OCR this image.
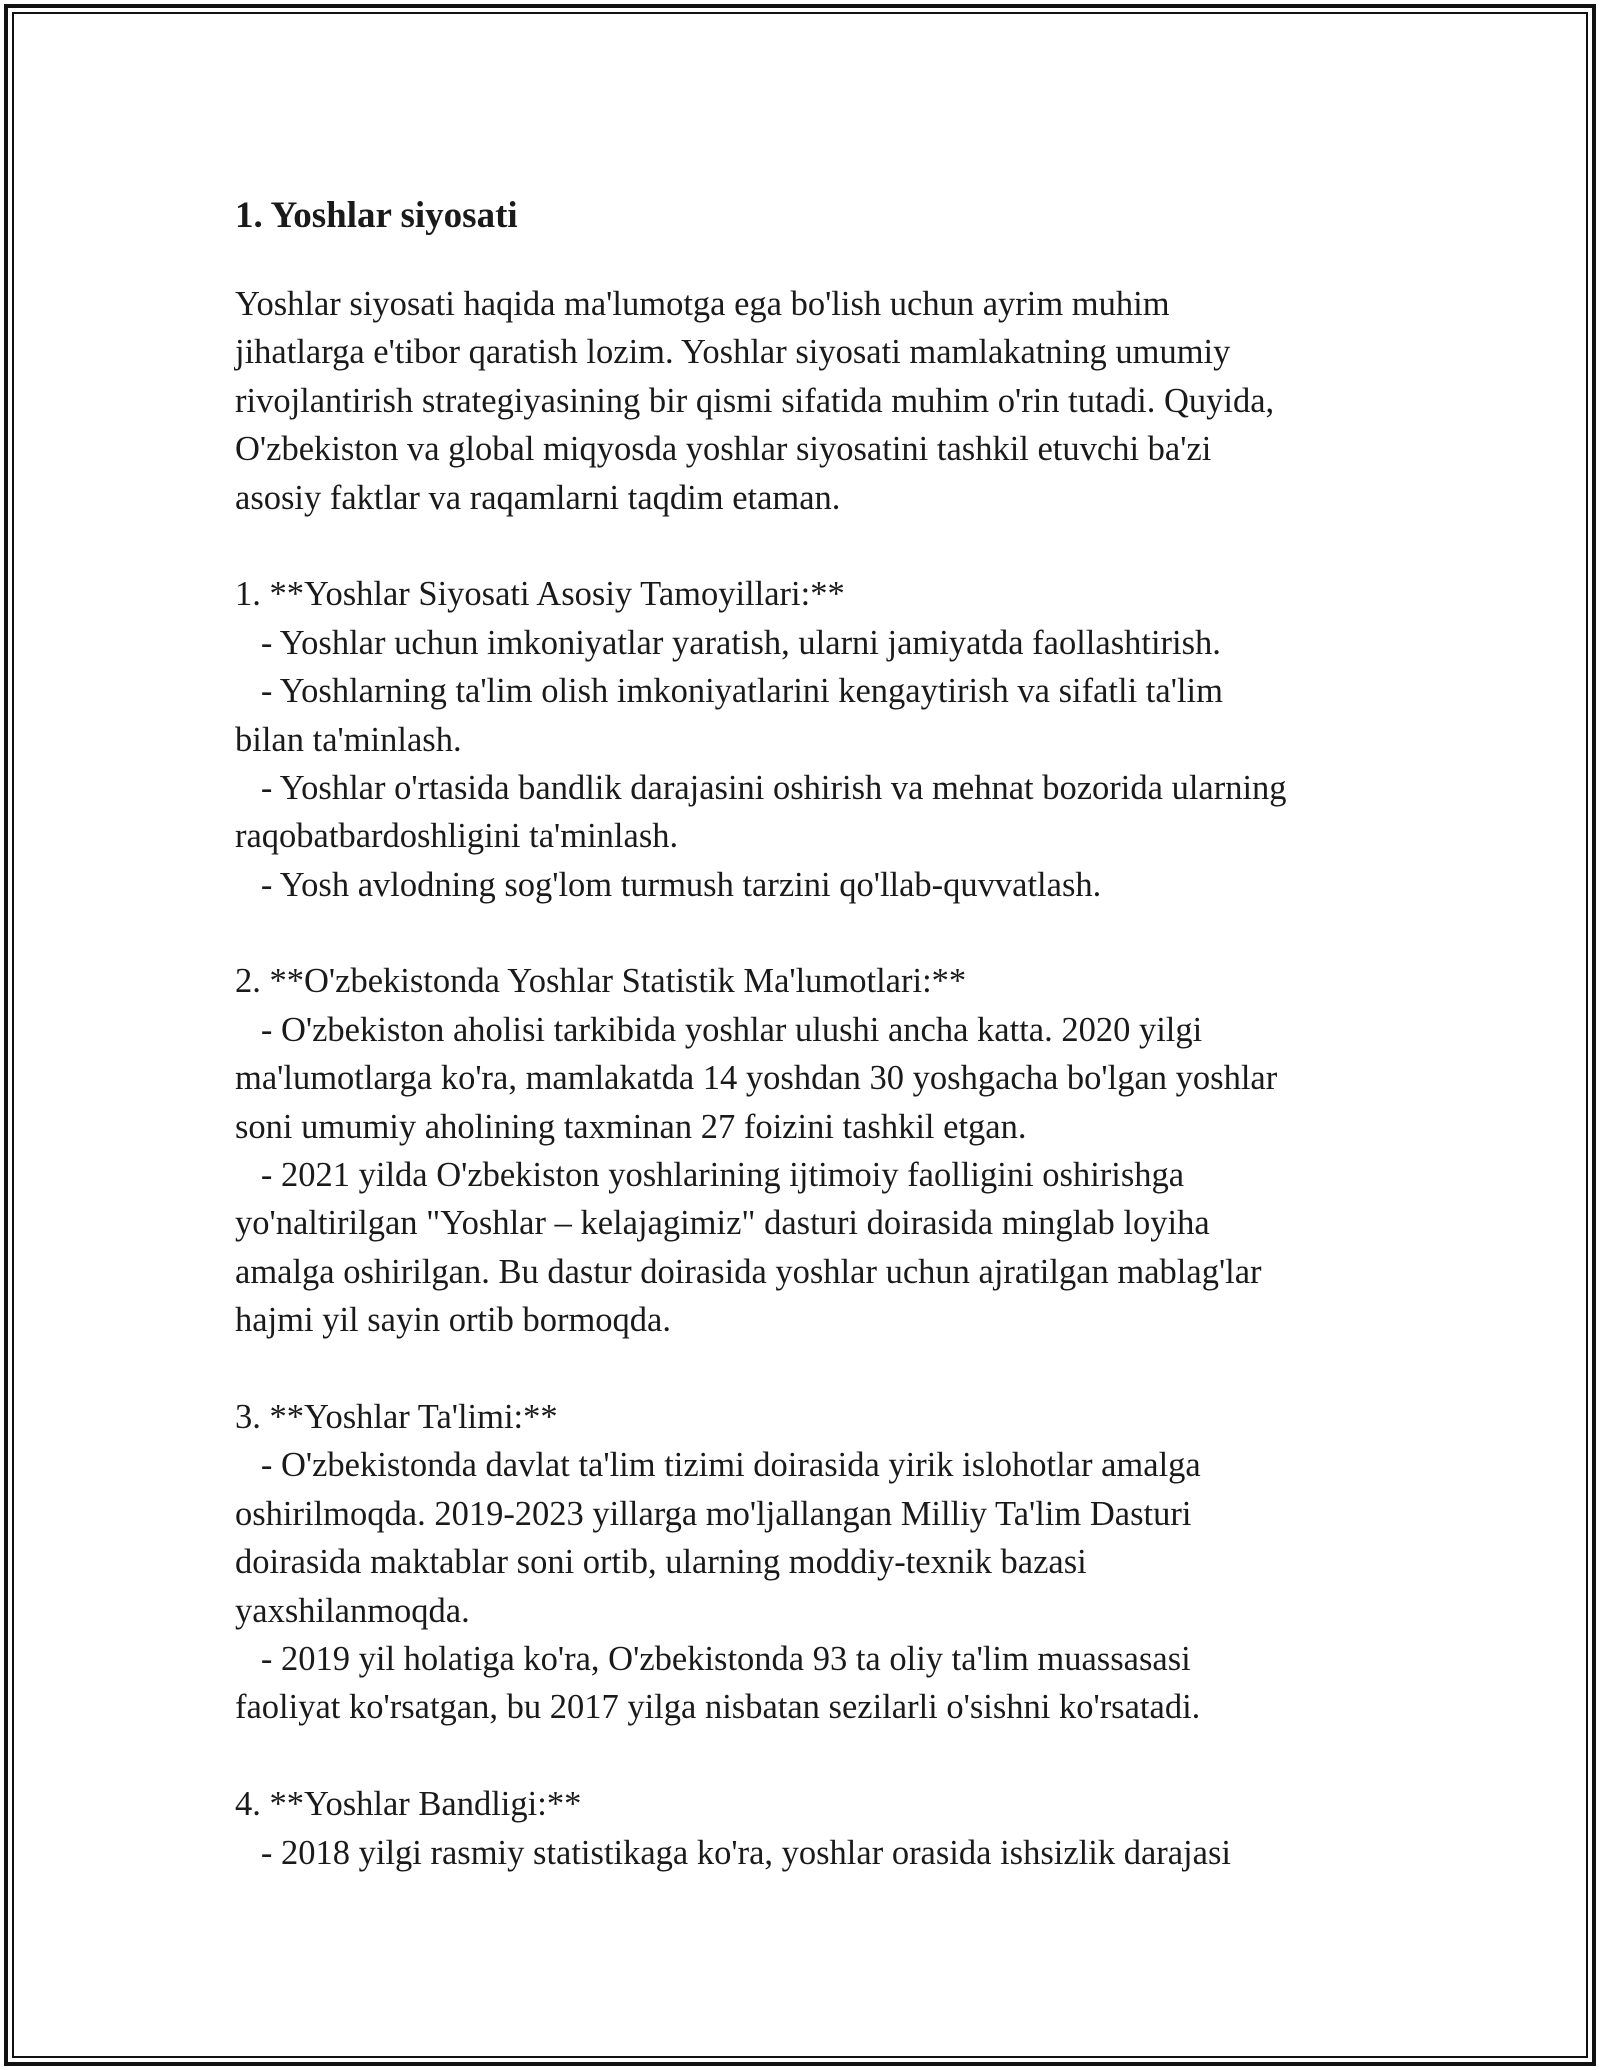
1. Yoshlar siyosati
Yoshlar siyosati haqida ma'lumotga ega bo'lish uchun ayrim muhim
jihatlarga e'tibor qaratish lozim. Yoshlar siyosati mamlakatning umumiy
rivojlantirish strategiyasining bir qismi sifatida muhim o'rin tutadi. Quyida,
O'zbekiston va global miqyosda yoshlar siyosatini tashkil etuvchi ba'zi
asosiy faktlar va raqamlarni taqdim etaman.
1. **Yoshlar Siyosati Asosiy Tamoyillari:**
- Yoshlar uchun imkoniyatlar yaratish, ularni jamiyatda faollashtirish.
- Yoshlarning ta'lim olish imkoniyatlarini kengaytirish va sifatli ta'lim
bilan ta'minlash.
- Yoshlar o'rtasida bandlik darajasini oshirish va mehnat bozorida ularning
raqobatbardoshligini ta'minlash.
- Yosh avlodning sog'lom turmush tarzini qo'llab-quvvatlash.
2. **O'zbekistonda Yoshlar Statistik Ma'lumotlari:**
- O'zbekiston aholisi tarkibida yoshlar ulushi ancha katta. 2020 yilgi
ma'lumotlarga ko'ra, mamlakatda 14 yoshdan 30 yoshgacha bo'lgan yoshlar
soni umumiy aholining taxminan 27 foizini tashkil etgan.
- 2021 yilda O'zbekiston yoshlarining ijtimoiy faolligini oshirishga
yo'naltirilgan "Yoshlar – kelajagimiz" dasturi doirasida minglab loyiha
amalga oshirilgan. Bu dastur doirasida yoshlar uchun ajratilgan mablag'lar
hajmi yil sayin ortib bormoqda.
3. **Yoshlar Ta'limi:**
- O'zbekistonda davlat ta'lim tizimi doirasida yirik islohotlar amalga
oshirilmoqda. 2019-2023 yillarga mo'ljallangan Milliy Ta'lim Dasturi
doirasida maktablar soni ortib, ularning moddiy-texnik bazasi
yaxshilanmoqda.
- 2019 yil holatiga ko'ra, O'zbekistonda 93 ta oliy ta'lim muassasasi
faoliyat ko'rsatgan, bu 2017 yilga nisbatan sezilarli o'sishni ko'rsatadi.
4. **Yoshlar Bandligi:**
- 2018 yilgi rasmiy statistikaga ko'ra, yoshlar orasida ishsizlik darajasi
